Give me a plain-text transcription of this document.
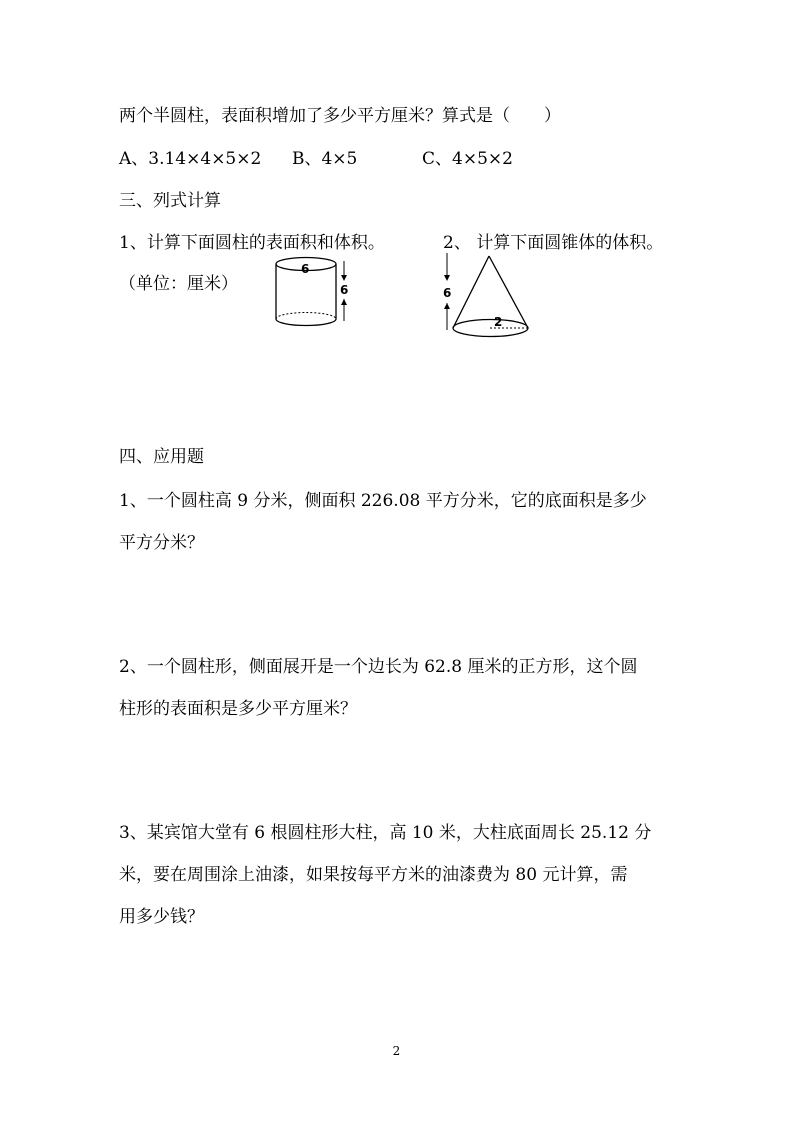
两个半圆柱，表面积增加了多少平方厘米？算式是（　　）
A、3.14×4×5×2 B、4×5	C、4×5×2
三、列式计算
1、计算下面圆柱的表面积和体积。	2、 计算下面圆锥体的体积。
（单位：厘米）
6
6
2
6
四、应用题
1、一个圆柱高 9 分米，侧面积 226.08 平方分米，它的底面积是多少
平方分米？
2、一个圆柱形，侧面展开是一个边长为 62.8 厘米的正方形，这个圆
柱形的表面积是多少平方厘米？
3、某宾馆大堂有 6 根圆柱形大柱，高 10 米，大柱底面周长 25.12 分
米，要在周围涂上油漆，如果按每平方米的油漆费为 80 元计算，需
用多少钱？
2
